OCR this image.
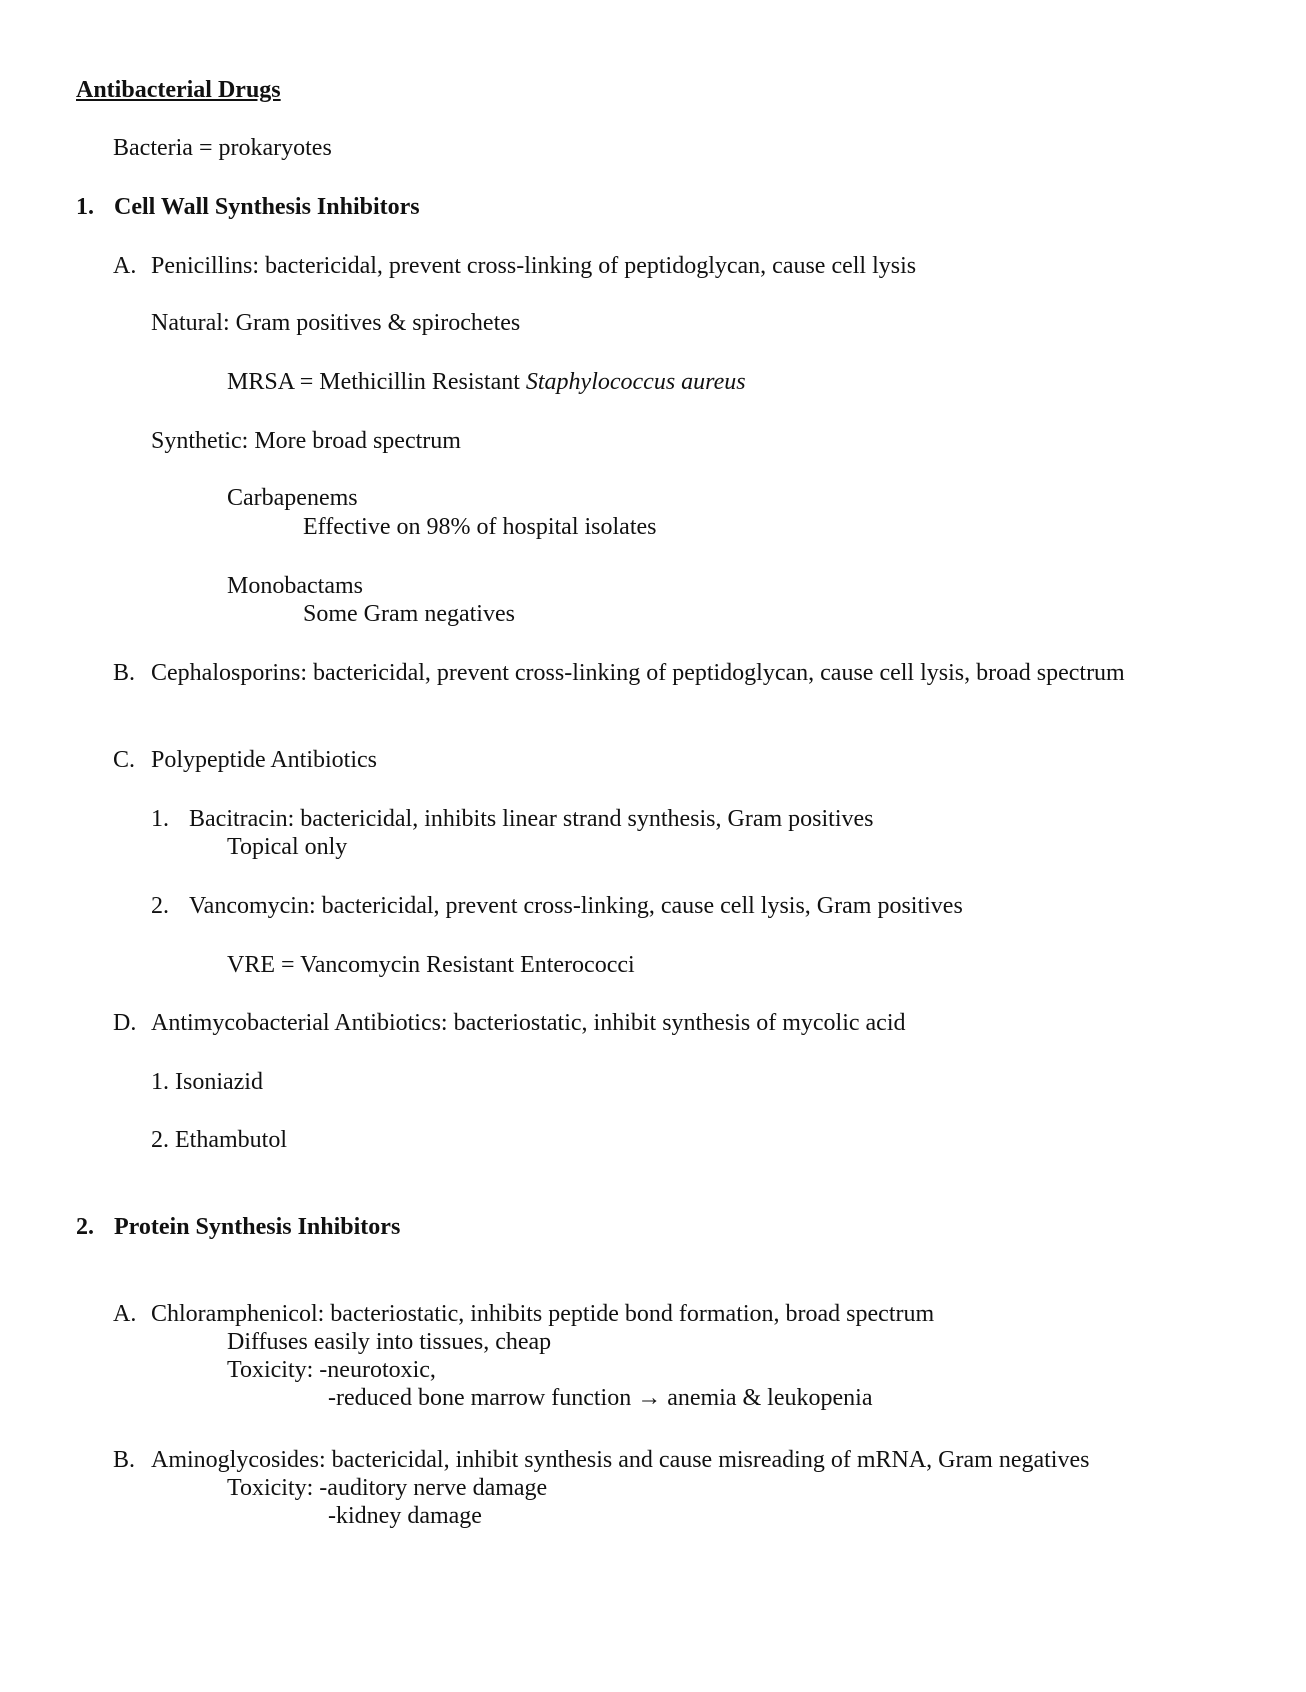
Antibacterial Drugs
Bacteria = prokaryotes
1. Cell Wall Synthesis Inhibitors
A. Penicillins: bactericidal, prevent cross-linking of peptidoglycan, cause cell lysis
Natural: Gram positives & spirochetes
MRSA = Methicillin Resistant Staphylococcus aureus
Synthetic: More broad spectrum
Carbapenems
Effective on 98% of hospital isolates
Monobactams
Some Gram negatives
B. Cephalosporins: bactericidal, prevent cross-linking of peptidoglycan, cause cell lysis, broad spectrum
C. Polypeptide Antibiotics
1. Bacitracin: bactericidal, inhibits linear strand synthesis, Gram positives
Topical only
2. Vancomycin: bactericidal, prevent cross-linking, cause cell lysis, Gram positives
VRE = Vancomycin Resistant Enterococci
D. Antimycobacterial Antibiotics: bacteriostatic, inhibit synthesis of mycolic acid
1. Isoniazid
2. Ethambutol
2. Protein Synthesis Inhibitors
A. Chloramphenicol: bacteriostatic, inhibits peptide bond formation, broad spectrum
Diffuses easily into tissues, cheap
Toxicity: -neurotoxic,
-reduced bone marrow function → anemia & leukopenia
B. Aminoglycosides: bactericidal, inhibit synthesis and cause misreading of mRNA, Gram negatives
Toxicity: -auditory nerve damage
-kidney damage
